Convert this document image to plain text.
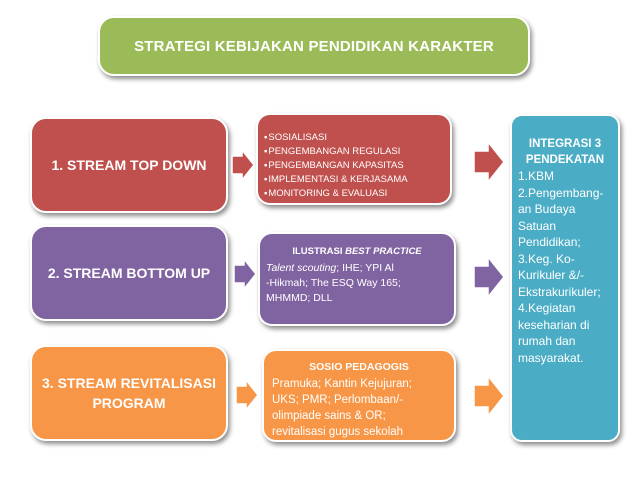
STRATEGI KEBIJAKAN PENDIDIKAN KARAKTER
1. STREAM TOP DOWN
2. STREAM BOTTOM UP
3. STREAM REVITALISASI PROGRAM
▪ SOSIALISASI
▪ PENGEMBANGAN REGULASI
▪ PENGEMBANGAN KAPASITAS
▪ IMPLEMENTASI & KERJASAMA
▪ MONITORING & EVALUASI
ILUSTRASI BEST PRACTICE
Talent scouting; IHE; YPI Al
-Hikmah; The ESQ Way 165;
MHMMD; DLL
SOSIO PEDAGOGIS
Pramuka; Kantin Kejujuran;
UKS; PMR; Perlombaan/-
olimpiade sains & OR;
revitalisasi gugus sekolah
INTEGRASI 3 PENDEKATAN
1.KBM
2.Pengembang-an Budaya Satuan Pendidikan;
3.Keg. Ko-Kurikuler &/-Ekstrakurikuler;
4.Kegiatan keseharian di rumah dan masyarakat.
